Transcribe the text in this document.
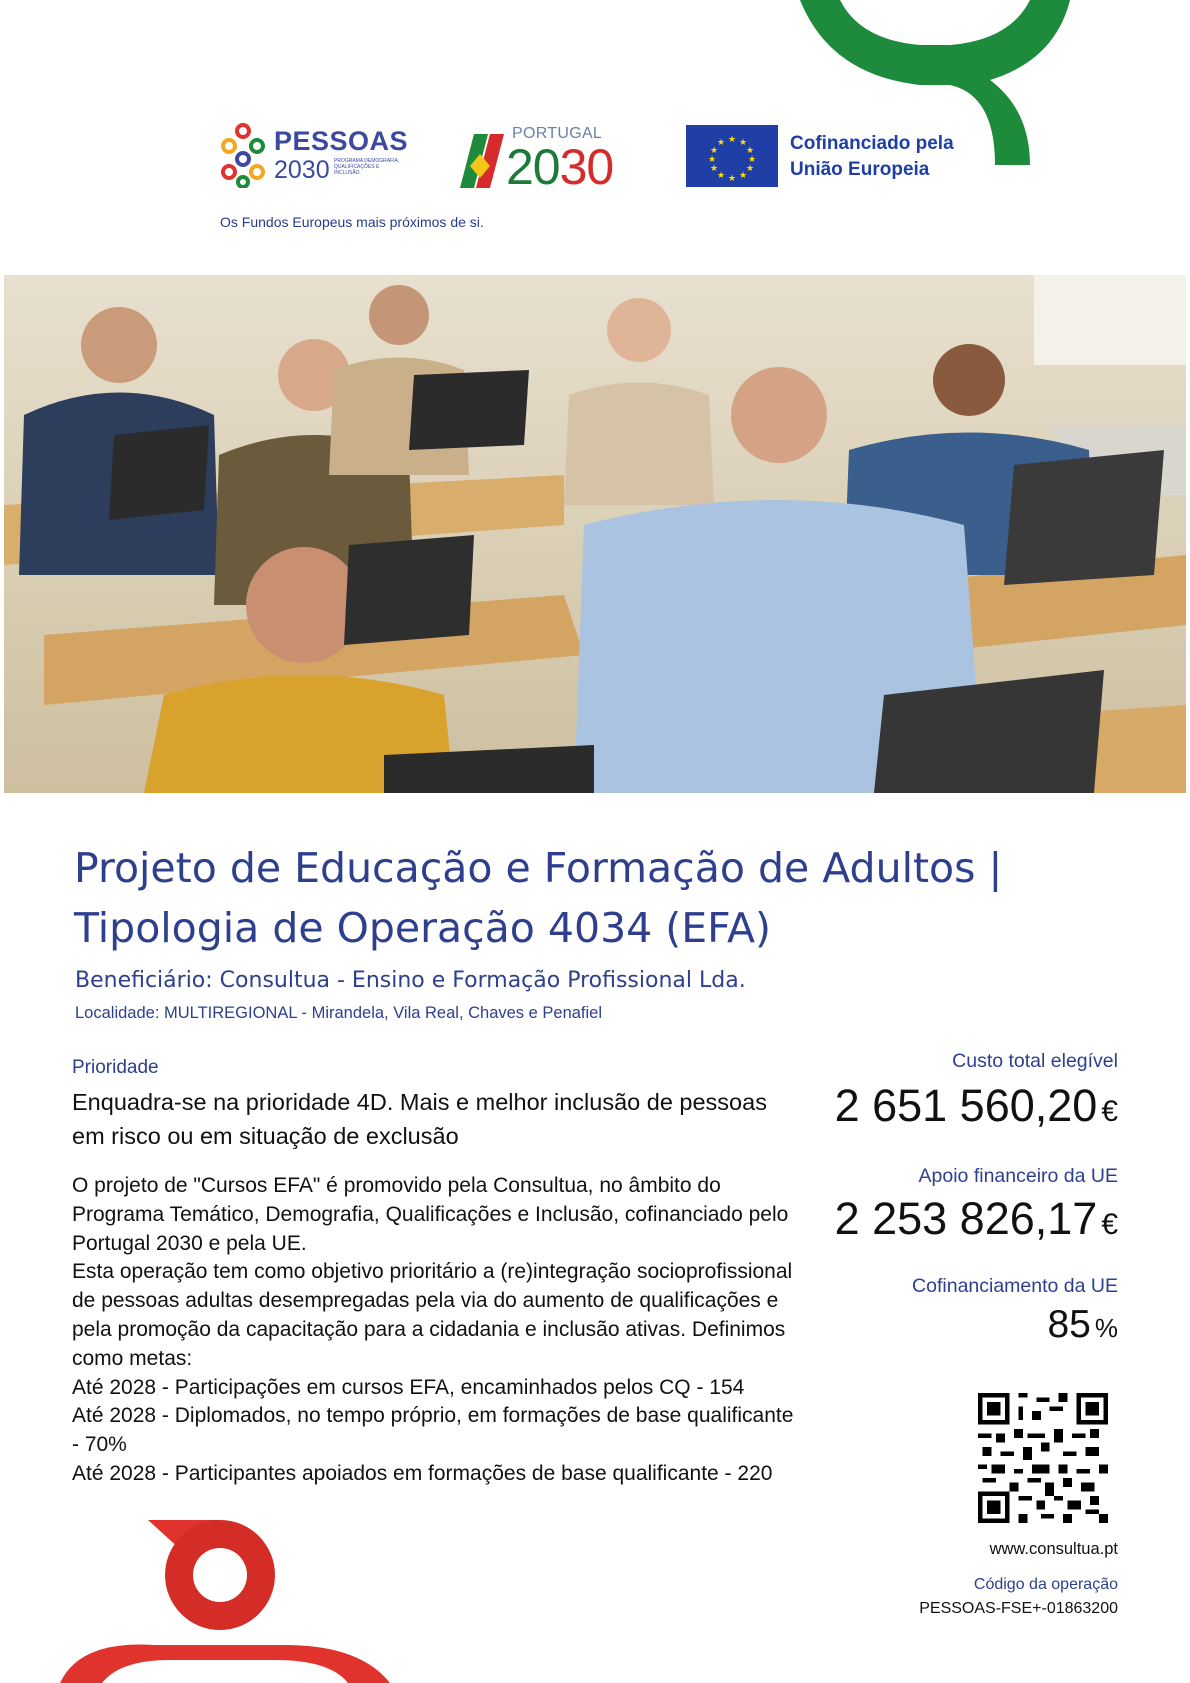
PESSOAS
2030 PROGRAMA DEMOGRAFIA, QUALIFICAÇÕES E INCLUSÃO
Os Fundos Europeus mais próximos de si.
PORTUGAL
2030	★ ★
★
★
★
★
★
★
★
★
★
★	Cofinanciado pela
União Europeia
Projeto de Educação e Formação de Adultos |
Tipologia de Operação 4034 (EFA)
Beneficiário: Consultua - Ensino e Formação Profissional Lda.
Localidade: MULTIREGIONAL - Mirandela, Vila Real, Chaves e Penafiel
Prioridade
Enquadra-se na prioridade 4D. Mais e melhor inclusão de pessoas em risco ou em situação de exclusão

O projeto de "Cursos EFA" é promovido pela Consultua, no âmbito do Programa Temático, Demografia, Qualificações e Inclusão, cofinanciado pelo Portugal 2030 e pela UE.

Esta operação tem como objetivo prioritário a (re)integração socioprofissional de pessoas adultas desempregadas pela via do aumento de qualificações e pela promoção da capacitação para a cidadania e inclusão ativas. Definimos como metas:

Até 2028 - Participações em cursos EFA, encaminhados pelos CQ - 154

Até 2028 - Diplomados, no tempo próprio, em formações de base qualificante - 70%

Até 2028 - Participantes apoiados em formações de base qualificante - 220

Custo total elegível
2 651 560,20 €
Apoio financeiro da UE
2 253 826,17 €
Cofinanciamento da UE
85 %
www.consultua.pt
Código da operação
PESSOAS-FSE+-01863200
